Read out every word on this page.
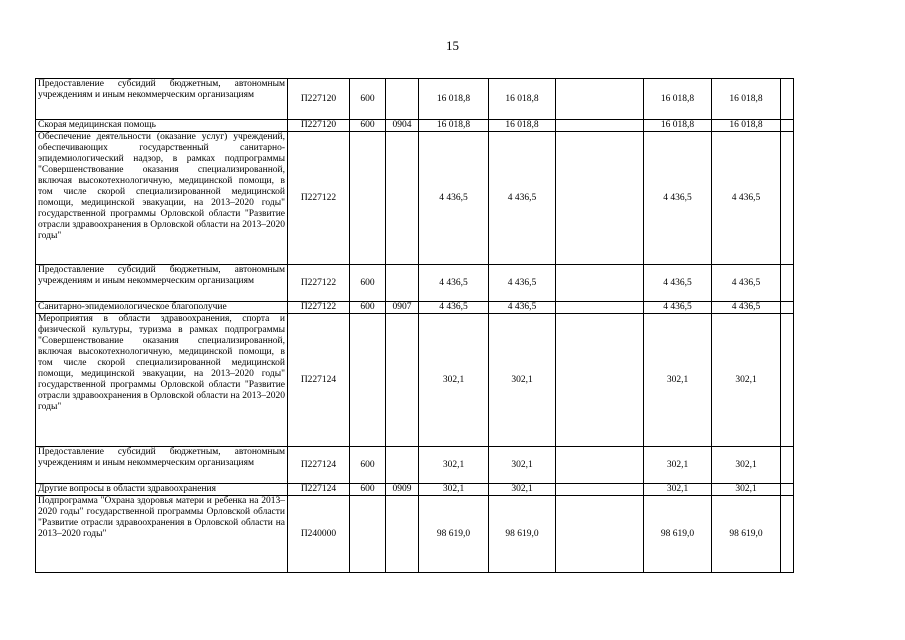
15
Предоставление субсидий бюджетным, автономным учреждениям и иным некоммерческим организациям	П227120	600		16 018,8	16 018,8		16 018,8	16 018,8	
Скорая медицинская помощь	П227120	600	0904	16 018,8	16 018,8		16 018,8	16 018,8	
Обеспечение деятельности (оказание услуг) учреждений, обеспечивающих государственный санитарно-эпидемиологический надзор, в рамках подпрограммы "Совершенствование оказания специализированной, включая высокотехнологичную, медицинской помощи, в том числе скорой специализированной медицинской помощи, медицинской эвакуации, на 2013–2020 годы" государственной программы Орловской области "Развитие отрасли здравоохранения в Орловской области на 2013–2020 годы"	П227122			4 436,5	4 436,5		4 436,5	4 436,5	
Предоставление субсидий бюджетным, автономным учреждениям и иным некоммерческим организациям	П227122	600		4 436,5	4 436,5		4 436,5	4 436,5	
Санитарно-эпидемиологическое благополучие	П227122	600	0907	4 436,5	4 436,5		4 436,5	4 436,5	
Мероприятия в области здравоохранения, спорта и физической культуры, туризма в рамках подпрограммы "Совершенствование оказания специализированной, включая высокотехнологичную, медицинской помощи, в том числе скорой специализированной медицинской помощи, медицинской эвакуации, на 2013–2020 годы" государственной программы Орловской области "Развитие отрасли здравоохранения в Орловской области на 2013–2020 годы"	П227124			302,1	302,1		302,1	302,1	
Предоставление субсидий бюджетным, автономным учреждениям и иным некоммерческим организациям	П227124	600		302,1	302,1		302,1	302,1	
Другие вопросы в области здравоохранения	П227124	600	0909	302,1	302,1		302,1	302,1	
Подпрограмма "Охрана здоровья матери и ребенка на 2013–2020 годы" государственной программы Орловской области "Развитие отрасли здравоохранения в Орловской области на 2013–2020 годы"	П240000			98 619,0	98 619,0		98 619,0	98 619,0	
